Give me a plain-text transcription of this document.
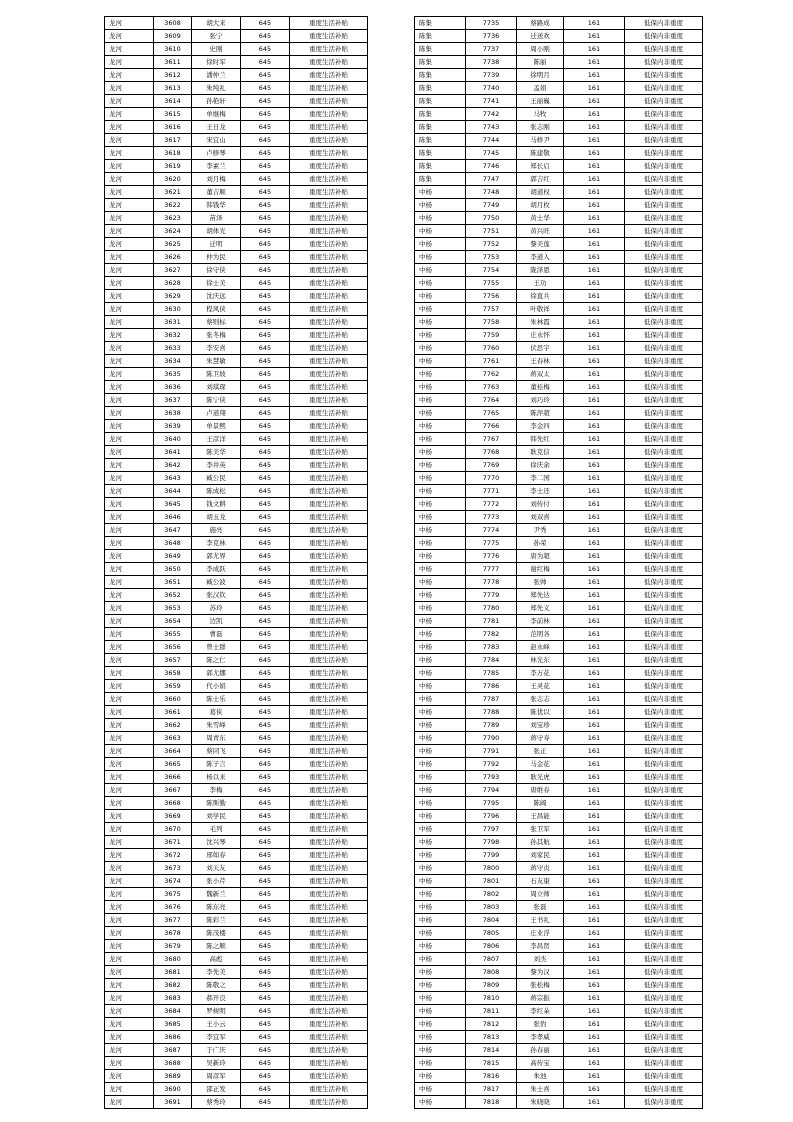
龙河	3608	胡大来	645	重度生活补贴
龙河	3609	张宁	645	重度生活补贴
龙河	3610	史刚	645	重度生活补贴
龙河	3611	徐时军	645	重度生活补贴
龙河	3612	潘仲兰	645	重度生活补贴
龙河	3613	朱纯礼	645	重度生活补贴
龙河	3614	孙艳轩	645	重度生活补贴
龙河	3615	单继梅	645	重度生活补贴
龙河	3616	王日龙	645	重度生活补贴
龙河	3617	宋宜山	645	重度生活补贴
龙河	3618	卢修琴	645	重度生活补贴
龙河	3619	李素兰	645	重度生活补贴
龙河	3620	刘月梅	645	重度生活补贴
龙河	3621	董吉顺	645	重度生活补贴
龙河	3622	韩钱华	645	重度生活补贴
龙河	3623	苗泽	645	重度生活补贴
龙河	3624	胡体光	645	重度生活补贴
龙河	3625	迁明	645	重度生活补贴
龙河	3626	仲为民	645	重度生活补贴
龙河	3627	徐守侠	645	重度生活补贴
龙河	3628	徐士美	645	重度生活补贴
龙河	3629	沈庆远	645	重度生活补贴
龙河	3630	程风侠	645	重度生活补贴
龙河	3631	蔡则标	645	重度生活补贴
龙河	3632	张冬梅	645	重度生活补贴
龙河	3633	李安喜	645	重度生活补贴
龙河	3634	朱慧敏	645	重度生活补贴
龙河	3635	陈卫坡	645	重度生活补贴
龙河	3636	刘琪琛	645	重度生活补贴
龙河	3637	陈宁侠	645	重度生活补贴
龙河	3638	卢道翔	645	重度生活补贴
龙河	3639	单景熙	645	重度生活补贴
龙河	3640	王彦洋	645	重度生活补贴
龙河	3641	陈美华	645	重度生活补贴
龙河	3642	李井英	645	重度生活补贴
龙河	3643	臧公民	645	重度生活补贴
龙河	3644	陈成松	645	重度生活补贴
龙河	3645	钱文耕	645	重度生活补贴
龙河	3646	胡玉龙	645	重度生活补贴
龙河	3647	施亮	645	重度生活补贴
龙河	3648	李克林	645	重度生活补贴
龙河	3649	郭尤界	645	重度生活补贴
龙河	3650	李成跃	645	重度生活补贴
龙河	3651	臧公波	645	重度生活补贴
龙河	3652	张汉钦	645	重度生活补贴
龙河	3653	苏玲	645	重度生活补贴
龙河	3654	边凯	645	重度生活补贴
龙河	3655	曹磊	645	重度生活补贴
龙河	3656	曾士群	645	重度生活补贴
龙河	3657	陈之仁	645	重度生活补贴
龙河	3658	郭尤娜	645	重度生活补贴
龙河	3659	代小娟	645	重度生活补贴
龙河	3660	陈士乐	645	重度生活补贴
龙河	3661	葛侠	645	重度生活补贴
龙河	3662	朱雪峰	645	重度生活补贴
龙河	3663	周青东	645	重度生活补贴
龙河	3664	蔡同飞	645	重度生活补贴
龙河	3665	陈子言	645	重度生活补贴
龙河	3666	杨以来	645	重度生活补贴
龙河	3667	李梅	645	重度生活补贴
龙河	3668	陈斯勤	645	重度生活补贴
龙河	3669	刘学民	645	重度生活补贴
龙河	3670	毛列	645	重度生活补贴
龙河	3671	沈兴琴	645	重度生活补贴
龙河	3672	邢如春	645	重度生活补贴
龙河	3673	刘天友	645	重度生活补贴
龙河	3674	张小芹	645	重度生活补贴
龙河	3675	魏新兰	645	重度生活补贴
龙河	3676	陈东亮	645	重度生活补贴
龙河	3677	陈彩兰	645	重度生活补贴
龙河	3678	陈茂楼	645	重度生活补贴
龙河	3679	陈之顺	645	重度生活补贴
龙河	3680	高彪	645	重度生活补贴
龙河	3681	李先美	645	重度生活补贴
龙河	3682	陈敬之	645	重度生活补贴
龙河	3683	郝开良	645	重度生活补贴
龙河	3684	罗树明	645	重度生活补贴
龙河	3685	王小云	645	重度生活补贴
龙河	3686	李宜军	645	重度生活补贴
龙河	3687	于广庆	645	重度生活补贴
龙河	3688	吴新玲	645	重度生活补贴
龙河	3689	周彦军	645	重度生活补贴
龙河	3690	邵正发	645	重度生活补贴
龙河	3691	蔡秀玲	645	重度生活补贴
陈集	7735	蔡路成	161	低保内非重度
陈集	7736	迁送欢	161	低保内非重度
陈集	7737	周小刚	161	低保内非重度
陈集	7738	陈丽	161	低保内非重度
陈集	7739	徐明月	161	低保内非重度
陈集	7740	孟娟	161	低保内非重度
陈集	7741	王丽巍	161	低保内非重度
陈集	7742	马牧	161	低保内非重度
陈集	7743	张志刚	161	低保内非重度
陈集	7744	马修尹	161	低保内非重度
陈集	7745	陈建敬	161	低保内非重度
陈集	7746	郑长启	161	低保内非重度
陈集	7747	郭吉红	161	低保内非重度
中杨	7748	胡道权	161	低保内非重度
中杨	7749	胡月枚	161	低保内非重度
中杨	7750	黄士华	161	低保内非重度
中杨	7751	黄兴旺	161	低保内非重度
中杨	7752	黎美莲	161	低保内非重度
中杨	7753	李道入	161	低保内非重度
中杨	7754	陇泽恩	161	低保内非重度
中杨	7755	王功	161	低保内非重度
中杨	7756	徐直兵	161	低保内非重度
中杨	7757	叶敬祥	161	低保内非重度
中杨	7758	朱林霞	161	低保内非重度
中杨	7759	庄永怀	161	低保内非重度
中杨	7760	伏思宇	161	低保内非重度
中杨	7761	王春林	161	低保内非重度
中杨	7762	蒋双太	161	低保内非重度
中杨	7763	董桂梅	161	低保内非重度
中杨	7764	刘巧玲	161	低保内非重度
中杨	7765	陈萍超	161	低保内非重度
中杨	7766	李金四	161	低保内非重度
中杨	7767	韩先红	161	低保内非重度
中杨	7768	耿克信	161	低保内非重度
中杨	7769	徐庆余	161	低保内非重度
中杨	7770	李二国	161	低保内非重度
中杨	7771	李士还	161	低保内非重度
中杨	7772	刘传付	161	低保内非重度
中杨	7773	刘双喜	161	低保内非重度
中杨	7774	尹秀	161	低保内非重度
中杨	7775	孙荣	161	低保内非重度
中杨	7776	唐为超	161	低保内非重度
中杨	7777	谢红梅	161	低保内非重度
中杨	7778	张帅	161	低保内非重度
中杨	7779	郑先达	161	低保内非重度
中杨	7780	郑先义	161	低保内非重度
中杨	7781	李前林	161	低保内非重度
中杨	7782	范明各	161	低保内非重度
中杨	7783	赵永峰	161	低保内非重度
中杨	7784	林光东	161	低保内非重度
中杨	7785	李万花	161	低保内非重度
中杨	7786	王灵花	161	低保内非重度
中杨	7787	张志志	161	低保内非重度
中杨	7788	陈优以	161	低保内非重度
中杨	7789	刘宝珍	161	低保内非重度
中杨	7790	蒋守寿	161	低保内非重度
中杨	7791	张正	161	低保内非重度
中杨	7792	马金花	161	低保内非重度
中杨	7793	耿光虎	161	低保内非重度
中杨	7794	唐维春	161	低保内非重度
中杨	7795	陈阔	161	低保内非重度
中杨	7796	王昌能	161	低保内非重度
中杨	7797	张卫军	161	低保内非重度
中杨	7798	孙其航	161	低保内非重度
中杨	7799	刘家民	161	低保内非重度
中杨	7800	蒋守贞	161	低保内非重度
中杨	7801	石友康	161	低保内非重度
中杨	7802	周立师	161	低保内非重度
中杨	7803	张磊	161	低保内非重度
中杨	7804	王书礼	161	低保内非重度
中杨	7805	庄业浮	161	低保内非重度
中杨	7806	李昌贤	161	低保内非重度
中杨	7807	刘杰	161	低保内非重度
中杨	7808	黎为汉	161	低保内非重度
中杨	7809	张松梅	161	低保内非重度
中杨	7810	蒋宗振	161	低保内非重度
中杨	7811	李红朵	161	低保内非重度
中杨	7812	张豹	161	低保内非重度
中杨	7813	李孝威	161	低保内非重度
中杨	7814	孙春丽	161	低保内非重度
中杨	7815	高传宝	161	低保内非重度
中杨	7816	朱池	161	低保内非重度
中杨	7817	朱士喜	161	低保内非重度
中杨	7818	朱晓晓	161	低保内非重度
